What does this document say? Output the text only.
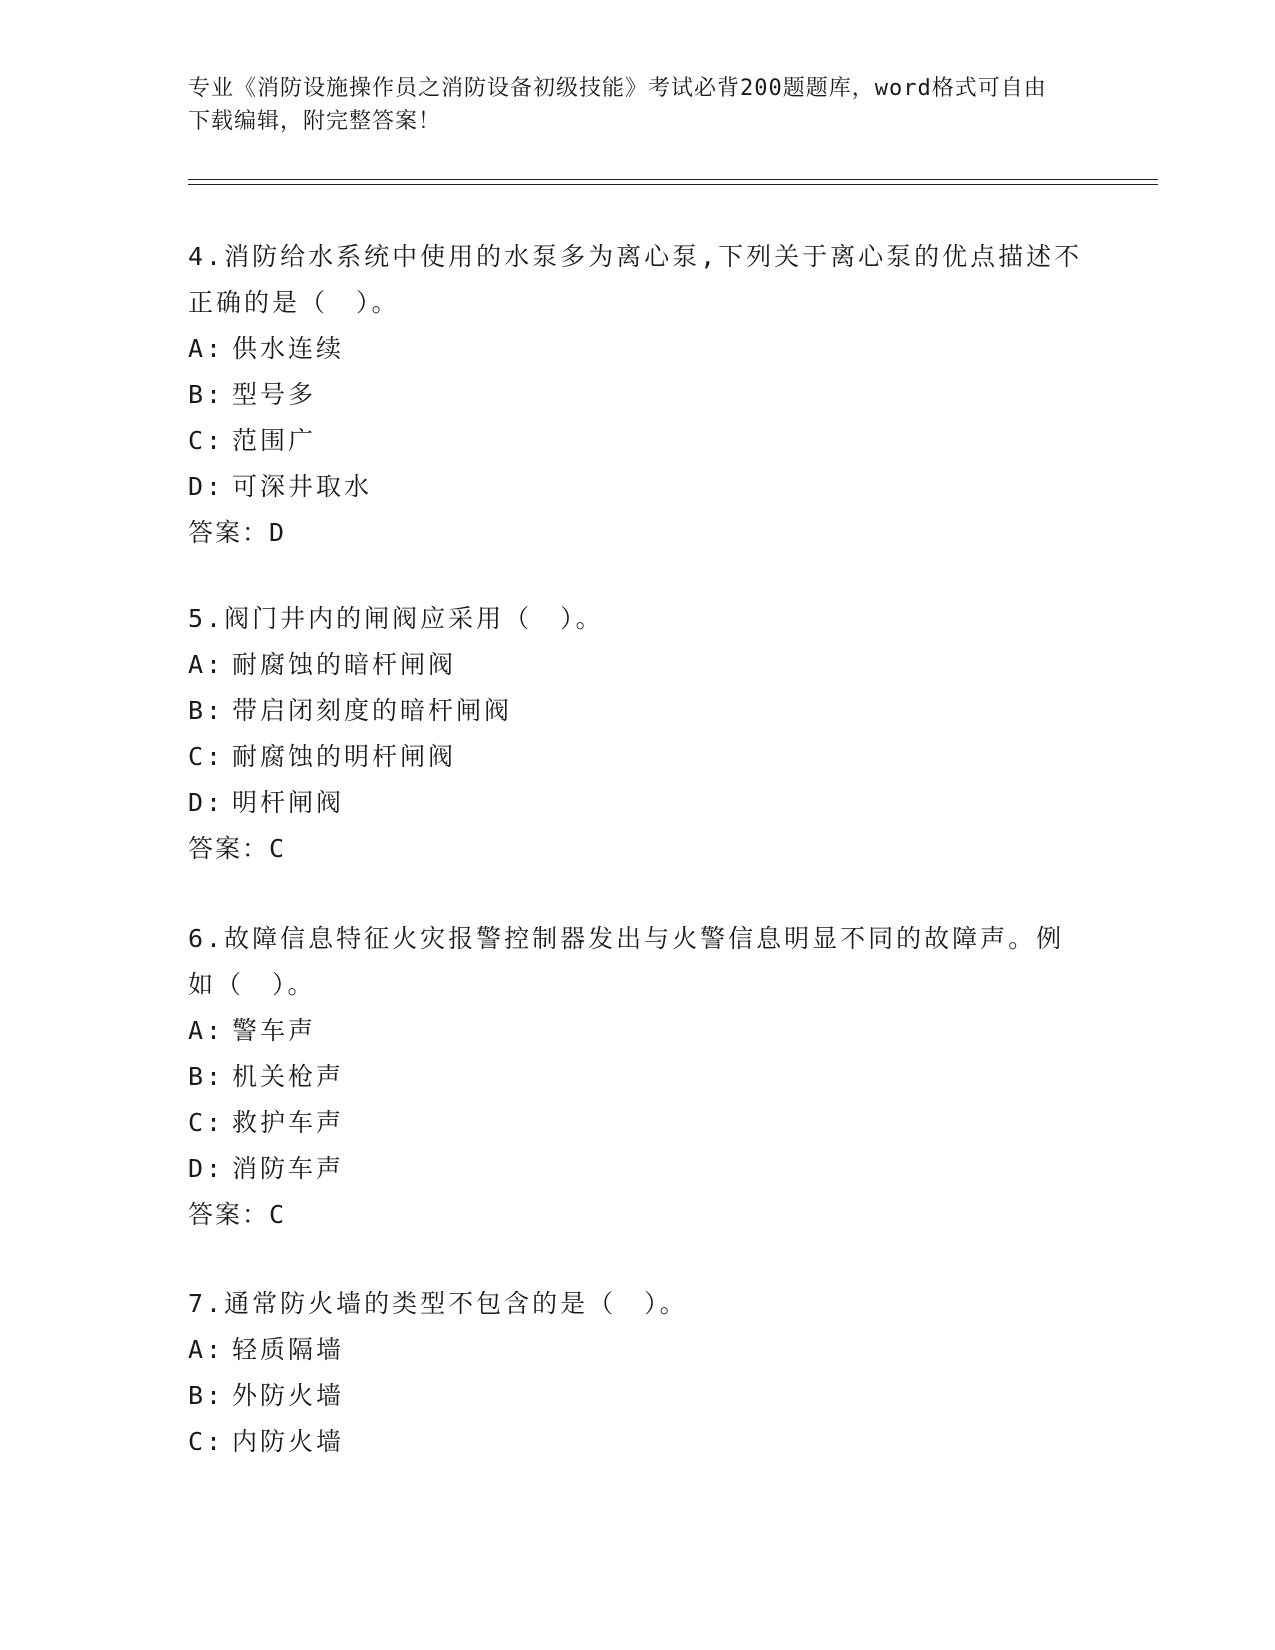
专业《消防设施操作员之消防设备初级技能》考试必背200题题库，word格式可自由下载编辑，附完整答案！

4.消防给水系统中使用的水泵多为离心泵,下列关于离心泵的优点描述不正确的是（　）。

A: 供水连续

B: 型号多

C: 范围广

D: 可深井取水

答案：D

5.阀门井内的闸阀应采用（　）。

A: 耐腐蚀的暗杆闸阀

B: 带启闭刻度的暗杆闸阀

C: 耐腐蚀的明杆闸阀

D: 明杆闸阀

答案：C

6.故障信息特征火灾报警控制器发出与火警信息明显不同的故障声。例如（　）。

A: 警车声

B: 机关枪声

C: 救护车声

D: 消防车声

答案：C

7.通常防火墙的类型不包含的是（　）。

A: 轻质隔墙

B: 外防火墙

C: 内防火墙
